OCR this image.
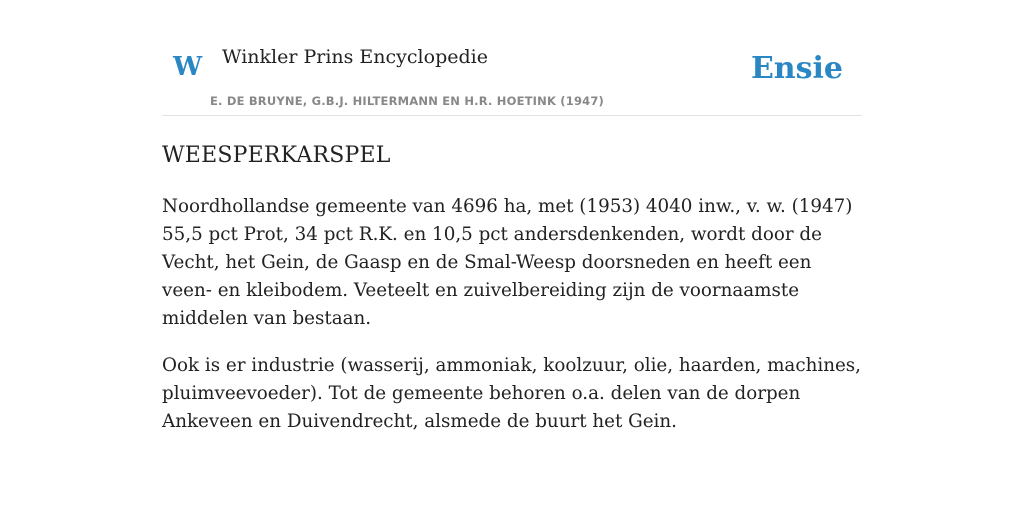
W Winkler Prins Encyclopedie
E. DE BRUYNE, G.B.J. HILTERMANN EN H.R. HOETINK (1947)
Ensie
WEESPERKARSPEL

Noordhollandse gemeente van 4696 ha, met (1953) 4040 inw., v. w. (1947) 55,5 pct Prot, 34 pct R.K. en 10,5 pct andersdenkenden, wordt door de Vecht, het Gein, de Gaasp en de Smal-Weesp doorsneden en heeft een veen- en kleibodem. Veeteelt en zuivelbereiding zijn de voornaamste middelen van bestaan.

Ook is er industrie (wasserij, ammoniak, koolzuur, olie, haarden, machines, pluimveevoeder). Tot de gemeente behoren o.a. delen van de dorpen Ankeveen en Duivendrecht, alsmede de buurt het Gein.
